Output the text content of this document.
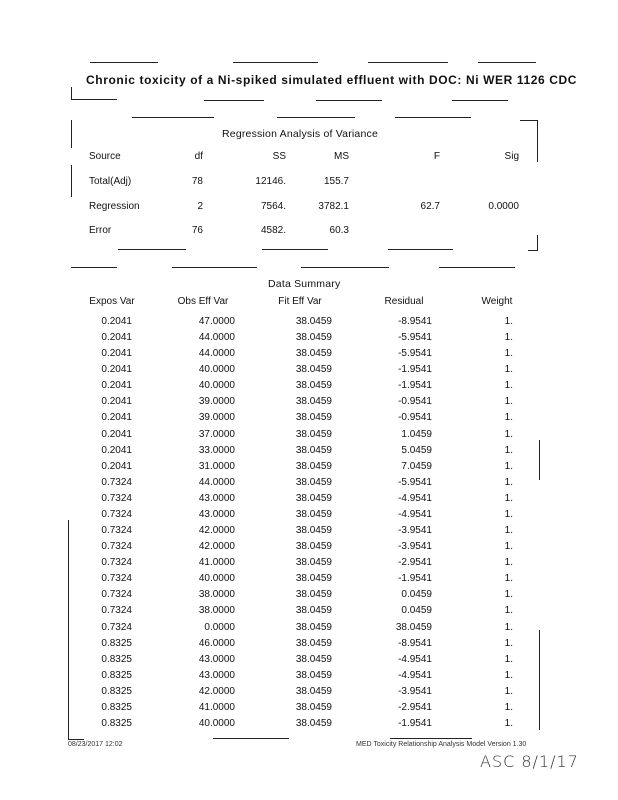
Chronic toxicity of a Ni-spiked simulated effluent with DOC: Ni WER 1126 CDC
Regression Analysis of Variance
Source	df	SS	MS	F	Sig
Total(Adj)	78	12146.	155.7
Regression	2	7564.	3782.1	62.7	0.0000
Error	76	4582.	60.3
Data Summary
Expos Var	Obs Eff Var	Fit Eff Var	Residual	Weight
0.2041	47.0000	38.0459	-8.9541	1.
0.2041	44.0000	38.0459	-5.9541	1.
0.2041	44.0000	38.0459	-5.9541	1.
0.2041	40.0000	38.0459	-1.9541	1.
0.2041	40.0000	38.0459	-1.9541	1.
0.2041	39.0000	38.0459	-0.9541	1.
0.2041	39.0000	38.0459	-0.9541	1.
0.2041	37.0000	38.0459	1.0459	1.
0.2041	33.0000	38.0459	5.0459	1.
0.2041	31.0000	38.0459	7.0459	1.
0.7324	44.0000	38.0459	-5.9541	1.
0.7324	43.0000	38.0459	-4.9541	1.
0.7324	43.0000	38.0459	-4.9541	1.
0.7324	42.0000	38.0459	-3.9541	1.
0.7324	42.0000	38.0459	-3.9541	1.
0.7324	41.0000	38.0459	-2.9541	1.
0.7324	40.0000	38.0459	-1.9541	1.
0.7324	38.0000	38.0459	0.0459	1.
0.7324	38.0000	38.0459	0.0459	1.
0.7324	0.0000	38.0459	38.0459	1.
0.8325	46.0000	38.0459	-8.9541	1.
0.8325	43.0000	38.0459	-4.9541	1.
0.8325	43.0000	38.0459	-4.9541	1.
0.8325	42.0000	38.0459	-3.9541	1.
0.8325	41.0000	38.0459	-2.9541	1.
0.8325	40.0000	38.0459	-1.9541	1.
08/23/2017 12:02	MED Toxicity Relationship Analysis Model Version 1.30
ASC 8/1/17
